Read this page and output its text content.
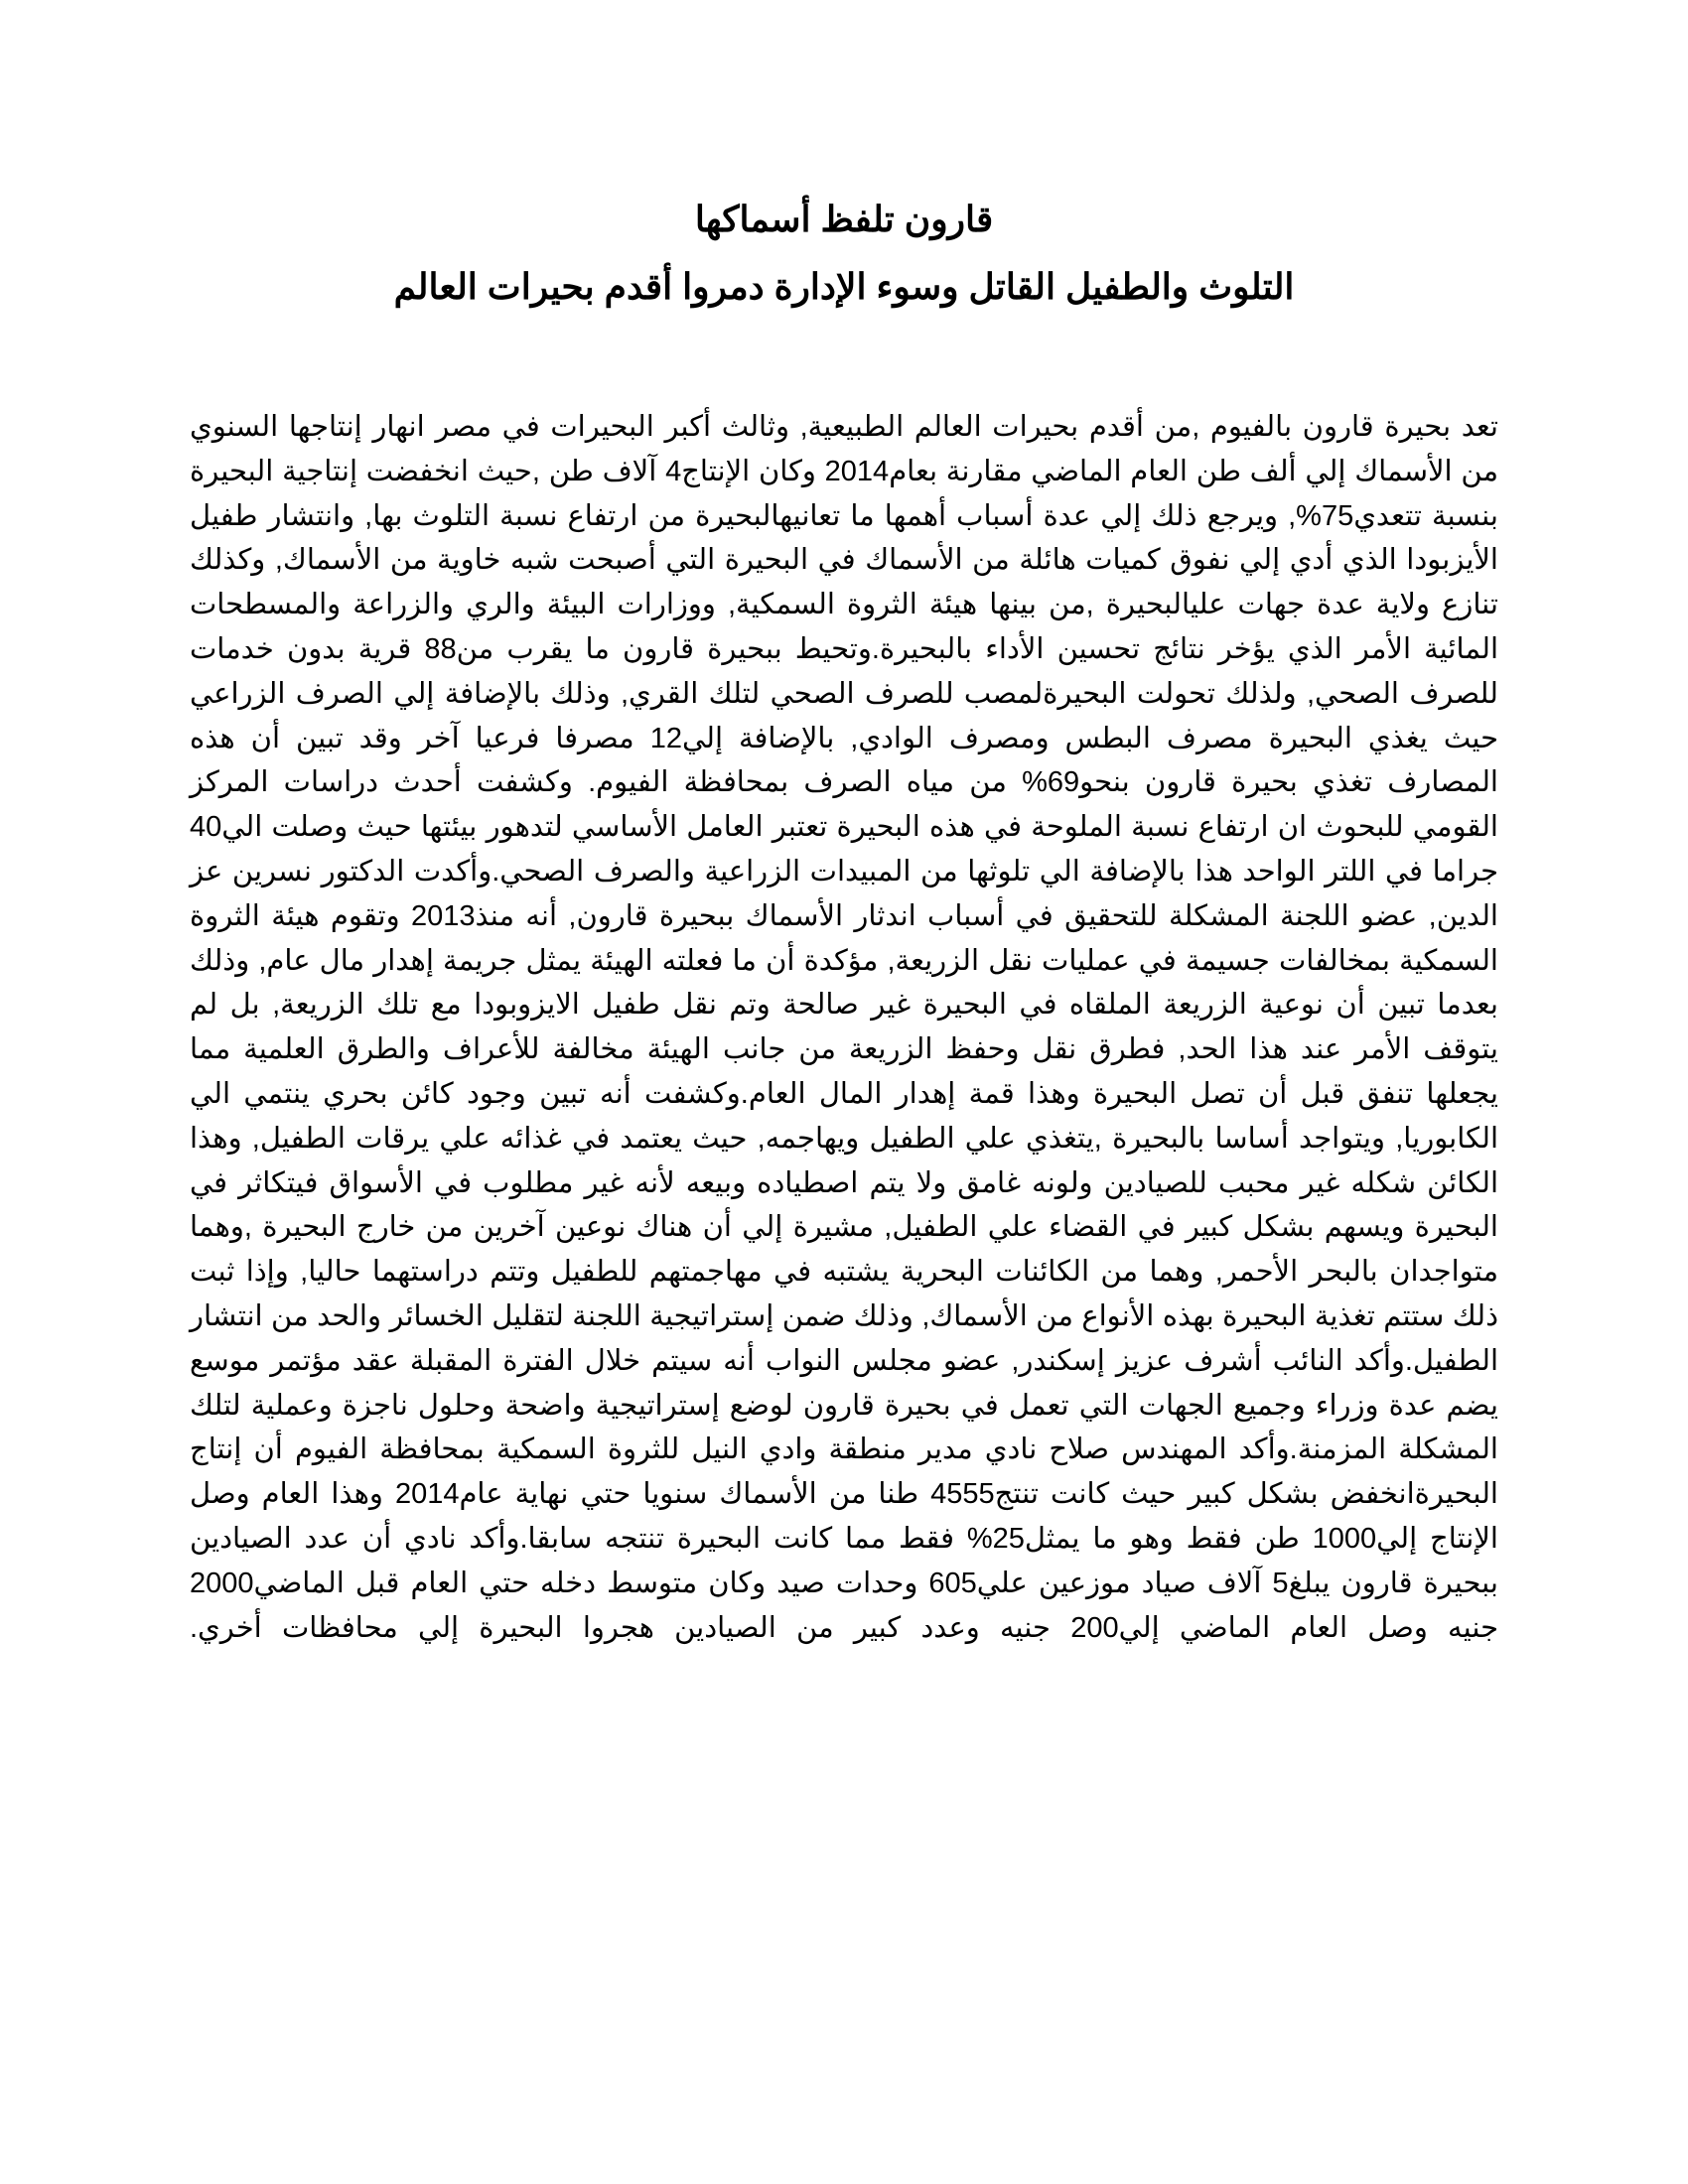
قارون تلفظ أسماكها
التلوث والطفيل القاتل وسوء الإدارة دمروا أقدم بحيرات العالم
تعد بحيرة قارون بالفيوم ,من أقدم بحيرات العالم الطبيعية, وثالث أكبر البحيرات في مصر انهار إنتاجها السنوي من الأسماك إلي ألف طن العام الماضي مقارنة بعام2014 وكان الإنتاج4 آلاف طن ,حيث انخفضت إنتاجية البحيرة بنسبة تتعدي75%, ويرجع ذلك إلي عدة أسباب أهمها ما تعانيهالبحيرة من ارتفاع نسبة التلوث بها, وانتشار طفيل الأيزبودا الذي أدي إلي نفوق كميات هائلة من الأسماك في البحيرة التي أصبحت شبه خاوية من الأسماك, وكذلك تنازع ولاية عدة جهات عليالبحيرة ,من بينها هيئة الثروة السمكية, ووزارات البيئة والري والزراعة والمسطحات المائية الأمر الذي يؤخر نتائج تحسين الأداء بالبحيرة.وتحيط ببحيرة قارون ما يقرب من88 قرية بدون خدمات للصرف الصحي, ولذلك تحولت البحيرةلمصب للصرف الصحي لتلك القري, وذلك بالإضافة إلي الصرف الزراعي حيث يغذي البحيرة مصرف البطس ومصرف الوادي, بالإضافة إلي12 مصرفا فرعيا آخر وقد تبين أن هذه المصارف تغذي بحيرة قارون بنحو69% من مياه الصرف بمحافظة الفيوم. وكشفت أحدث دراسات المركز القومي للبحوث ان ارتفاع نسبة الملوحة في هذه البحيرة تعتبر العامل الأساسي لتدهور بيئتها حيث وصلت الي40 جراما في اللتر الواحد هذا بالإضافة الي تلوثها من المبيدات الزراعية والصرف الصحي.وأكدت الدكتور نسرين عز الدين, عضو اللجنة المشكلة للتحقيق في أسباب اندثار الأسماك ببحيرة قارون, أنه منذ2013 وتقوم هيئة الثروة السمكية بمخالفات جسيمة في عمليات نقل الزريعة, مؤكدة أن ما فعلته الهيئة يمثل جريمة إهدار مال عام, وذلك بعدما تبين أن نوعية الزريعة الملقاه في البحيرة غير صالحة وتم نقل طفيل الايزوبودا مع تلك الزريعة, بل لم يتوقف الأمر عند هذا الحد, فطرق نقل وحفظ الزريعة من جانب الهيئة مخالفة للأعراف والطرق العلمية مما يجعلها تنفق قبل أن تصل البحيرة وهذا قمة إهدار المال العام.وكشفت أنه تبين وجود كائن بحري ينتمي الي الكابوريا, ويتواجد أساسا بالبحيرة ,يتغذي علي الطفيل ويهاجمه, حيث يعتمد في غذائه علي يرقات الطفيل, وهذا الكائن شكله غير محبب للصيادين ولونه غامق ولا يتم اصطياده وبيعه لأنه غير مطلوب في الأسواق فيتكاثر في البحيرة ويسهم بشكل كبير في القضاء علي الطفيل, مشيرة إلي أن هناك نوعين آخرين من خارج البحيرة ,وهما متواجدان بالبحر الأحمر, وهما من الكائنات البحرية يشتبه في مهاجمتهم للطفيل وتتم دراستهما حاليا, وإذا ثبت ذلك ستتم تغذية البحيرة بهذه الأنواع من الأسماك, وذلك ضمن إستراتيجية اللجنة لتقليل الخسائر والحد من انتشار الطفيل.وأكد النائب أشرف عزيز إسكندر, عضو مجلس النواب أنه سيتم خلال الفترة المقبلة عقد مؤتمر موسع يضم عدة وزراء وجميع الجهات التي تعمل في بحيرة قارون لوضع إستراتيجية واضحة وحلول ناجزة وعملية لتلك المشكلة المزمنة.وأكد المهندس صلاح نادي مدير منطقة وادي النيل للثروة السمكية بمحافظة الفيوم أن إنتاج البحيرةانخفض بشكل كبير حيث كانت تنتج4555 طنا من الأسماك سنويا حتي نهاية عام2014 وهذا العام وصل الإنتاج إلي1000 طن فقط وهو ما يمثل25% فقط مما كانت البحيرة تنتجه سابقا.وأكد نادي أن عدد الصيادين ببحيرة قارون يبلغ5 آلاف صياد موزعين علي605 وحدات صيد وكان متوسط دخله حتي العام قبل الماضي2000 جنيه وصل العام الماضي إلي200 جنيه وعدد كبير من الصيادين هجروا البحيرة إلي محافظات أخري.
